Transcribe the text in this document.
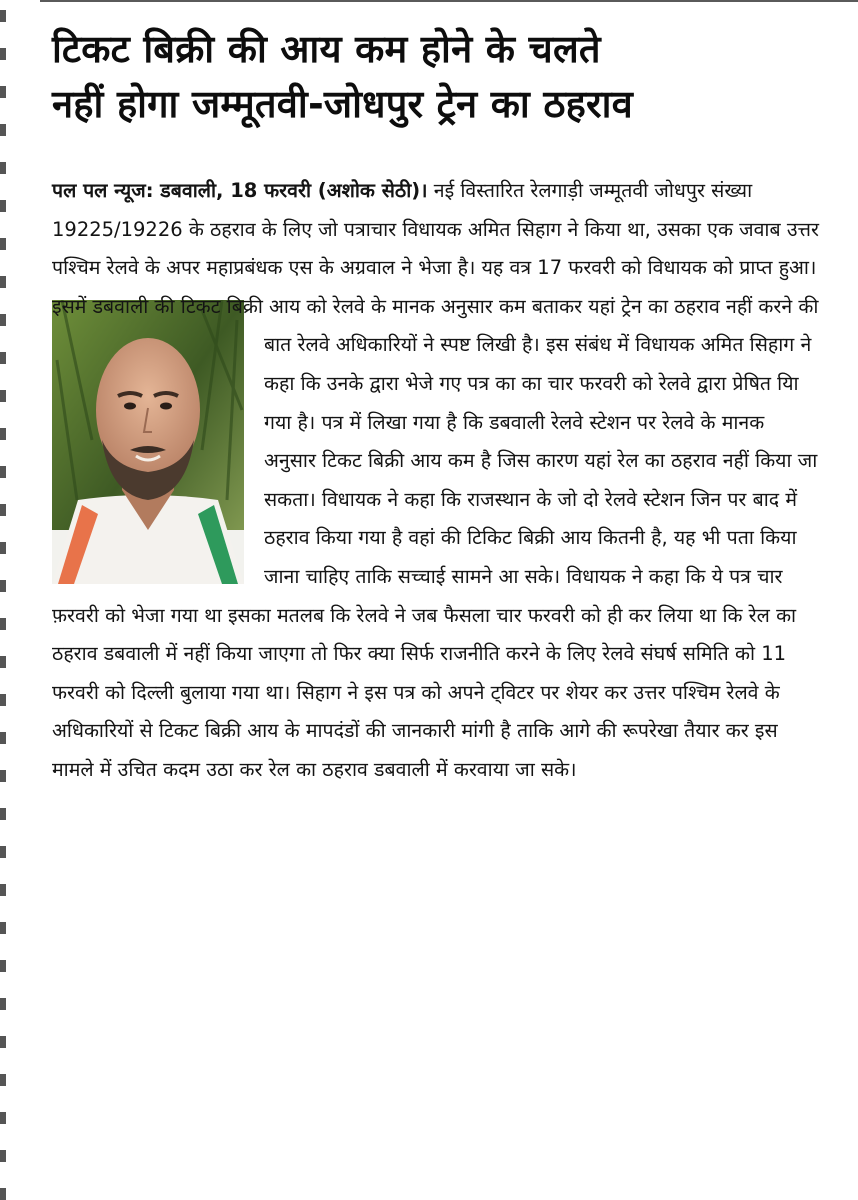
टिकट बिक्री की आय कम होने के चलते
नहीं होगा जम्मूतवी-जोधपुर ट्रेन का ठहराव

पल पल न्यूज: डबवाली, 18 फरवरी (अशोक सेठी)। नई विस्तारित रेलगाड़ी जम्मूतवी जोधपुर संख्या 19225/19226 के ठहराव के लिए जो पत्राचार विधायक अमित सिहाग ने किया था, उसका एक जवाब उत्तर पश्चिम रेलवे के अपर महाप्रबंधक एस के अग्रवाल ने भेजा है। यह वत्र 17 फरवरी को विधायक को प्राप्त हुआ। इसमें डबवाली की टिकट बिक्री आय को रेलवे के मानक अनुसार कम
बताकर यहां ट्रेन का ठहराव नहीं करने की बात रेलवे अधिकारियों ने स्पष्ट लिखी है। इस संबंध में विधायक अमित सिहाग ने कहा कि उनके द्वारा भेजे गए पत्र का का चार फरवरी को रेलवे द्वारा प्रेषित यिा गया है। पत्र में लिखा गया है कि डबवाली रेलवे स्टेशन पर रेलवे के मानक अनुसार टिकट बिक्री आय कम है जिस कारण यहां रेल का ठहराव नहीं किया जा सकता। विधायक ने कहा कि राजस्थान के जो दो रेलवे स्टेशन जिन पर बाद में ठहराव किया गया है वहां की टिकिट बिक्री आय कितनी है, यह भी पता किया जाना चाहिए ताकि सच्चाई सामने आ सके। विधायक ने कहा कि ये पत्र चार फ़रवरी को भेजा गया था इसका मतलब कि रेलवे ने जब फैसला चार फरवरी को ही कर लिया था कि रेल का ठहराव डबवाली में नहीं किया जाएगा तो फिर क्या सिर्फ राजनीति करने के लिए रेलवे संघर्ष समिति को 11 फरवरी को दिल्ली बुलाया गया था। सिहाग ने इस पत्र को अपने ट्विटर पर शेयर कर उत्तर पश्चिम रेलवे के अधिकारियों से टिकट बिक्री आय के मापदंडों की जानकारी मांगी है ताकि आगे की रूपरेखा तैयार कर इस मामले में उचित कदम उठा कर रेल का ठहराव डबवाली में करवाया जा सके।
